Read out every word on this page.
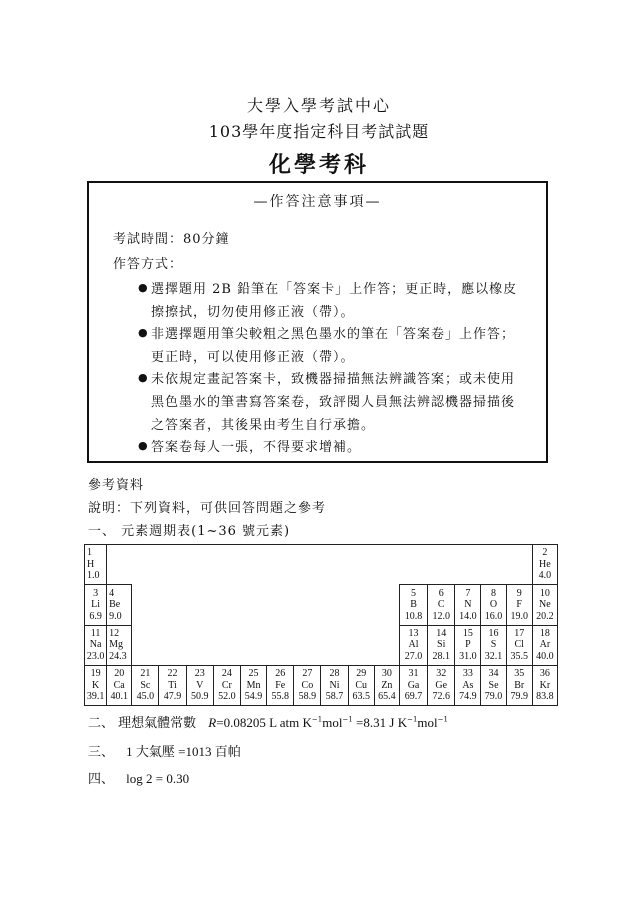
大學入學考試中心
103學年度指定科目考試試題
化學考科
—作答注意事項—
考試時間：80分鐘
作答方式：
● 選擇題用 2B 鉛筆在「答案卡」上作答；更正時，應以橡皮
擦擦拭，切勿使用修正液（帶）。
● 非選擇題用筆尖較粗之黑色墨水的筆在「答案卷」上作答；
更正時，可以使用修正液（帶）。
● 未依規定畫記答案卡，致機器掃描無法辨識答案；或未使用
黑色墨水的筆書寫答案卷，致評閱人員無法辨認機器掃描後
之答案者，其後果由考生自行承擔。
● 答案卷每人一張，不得要求增補。
參考資料
說明：下列資料，可供回答問題之參考
一、 元素週期表(1~36 號元素)
1
H
1.0																	2
He
4.0

3
Li
6.9	4
Be
9.0											5
B
10.8	6
C
12.0	7
N
14.0	8
O
16.0	9
F
19.0	10
Ne
20.2

11
Na
23.0	12
Mg
24.3											13
Al
27.0	14
Si
28.1	15
P
31.0	16
S
32.1	17
Cl
35.5	18
Ar
40.0

19
K
39.1	20
Ca
40.1	21
Sc
45.0	22
Ti
47.9	23
V
50.9	24
Cr
52.0	25
Mn
54.9	26
Fe
55.8	27
Co
58.9	28
Ni
58.7	29
Cu
63.5	30
Zn
65.4	31
Ga
69.7	32
Ge
72.6	33
As
74.9	34
Se
79.0	35
Br
79.9	36
Kr
83.8
二、 理想氣體常數 R=0.08205 L atm $K^{-1}mol^{-1} =8.31$ J $K^{-1}mol^{-1}$
三、 1 大氣壓 =1013 百帕
四、 log 2 = 0.30
